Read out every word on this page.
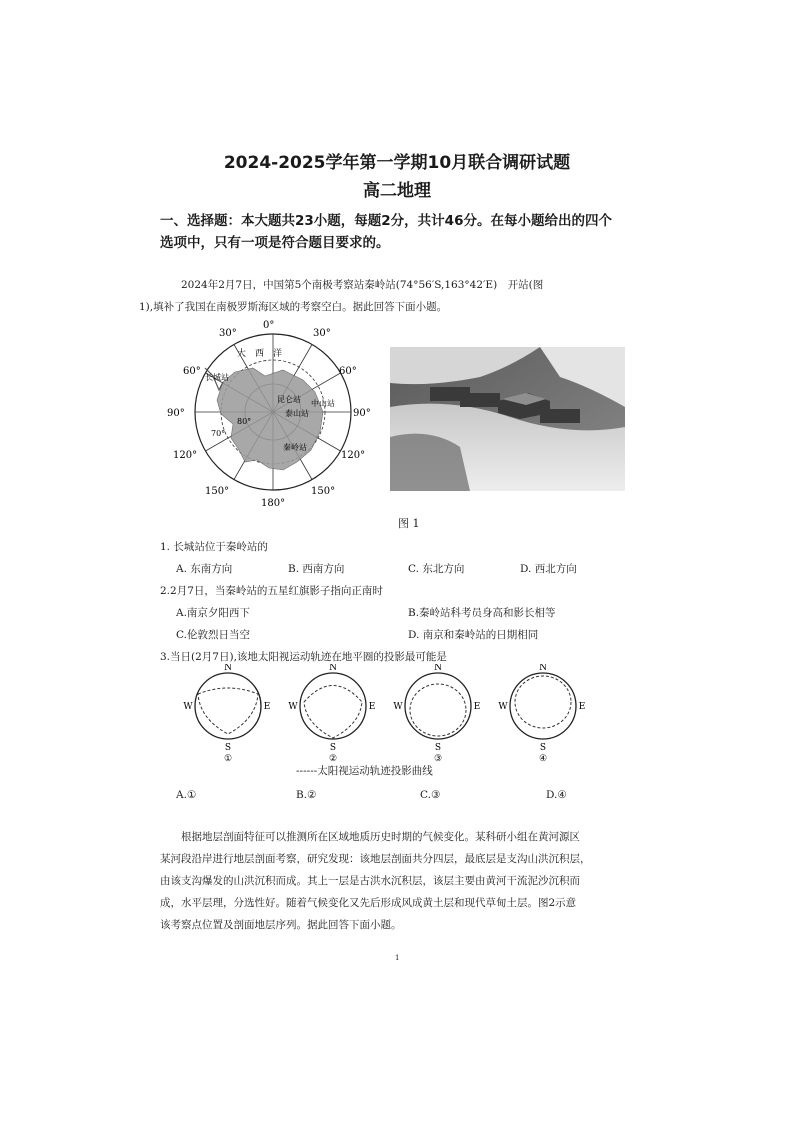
2024-2025学年第一学期10月联合调研试题
高二地理
一、选择题：本大题共23小题，每题2分，共计46分。在每小题给出的四个
选项中，只有一项是符合题目要求的。
2024年2月7日，中国第5个南极考察站秦岭站(74°56′S,163°42′E)　开站(图
1),填补了我国在南极罗斯海区域的考察空白。据此回答下面小题。
0°
30°	30°
60°
90°
120°
150°
60°
90°
120°
150°
180°
80°
70°
大　西　洋
长城站
昆仑站 中山站
泰山站
秦岭站
图 1
1. 长城站位于秦岭站的
A. 东南方向	B. 西南方向	C. 东北方向	D. 西北方向
2.2月7日，当秦岭站的五星红旗影子指向正南时
A.南京夕阳西下	B.秦岭站科考员身高和影长相等
C.伦敦烈日当空	D. 南京和秦岭站的日期相同
3.当日(2月7日),该地太阳视运动轨迹在地平圈的投影最可能是
N
S
W	E
①
N
S
W	E
②
N
S
W	E
③
N
S
W	E
④
------太阳视运动轨迹投影曲线
A.①	B.②	C.③	D.④
根据地层剖面特征可以推测所在区域地质历史时期的气候变化。某科研小组在黄河源区
某河段沿岸进行地层剖面考察，研究发现：该地层剖面共分四层，最底层是支沟山洪沉积层，
由该支沟爆发的山洪沉积而成。其上一层是古洪水沉积层，该层主要由黄河干流泥沙沉积而
成，水平层理，分选性好。随着气候变化又先后形成风成黄土层和现代草甸土层。图2示意
该考察点位置及剖面地层序列。据此回答下面小题。
1
